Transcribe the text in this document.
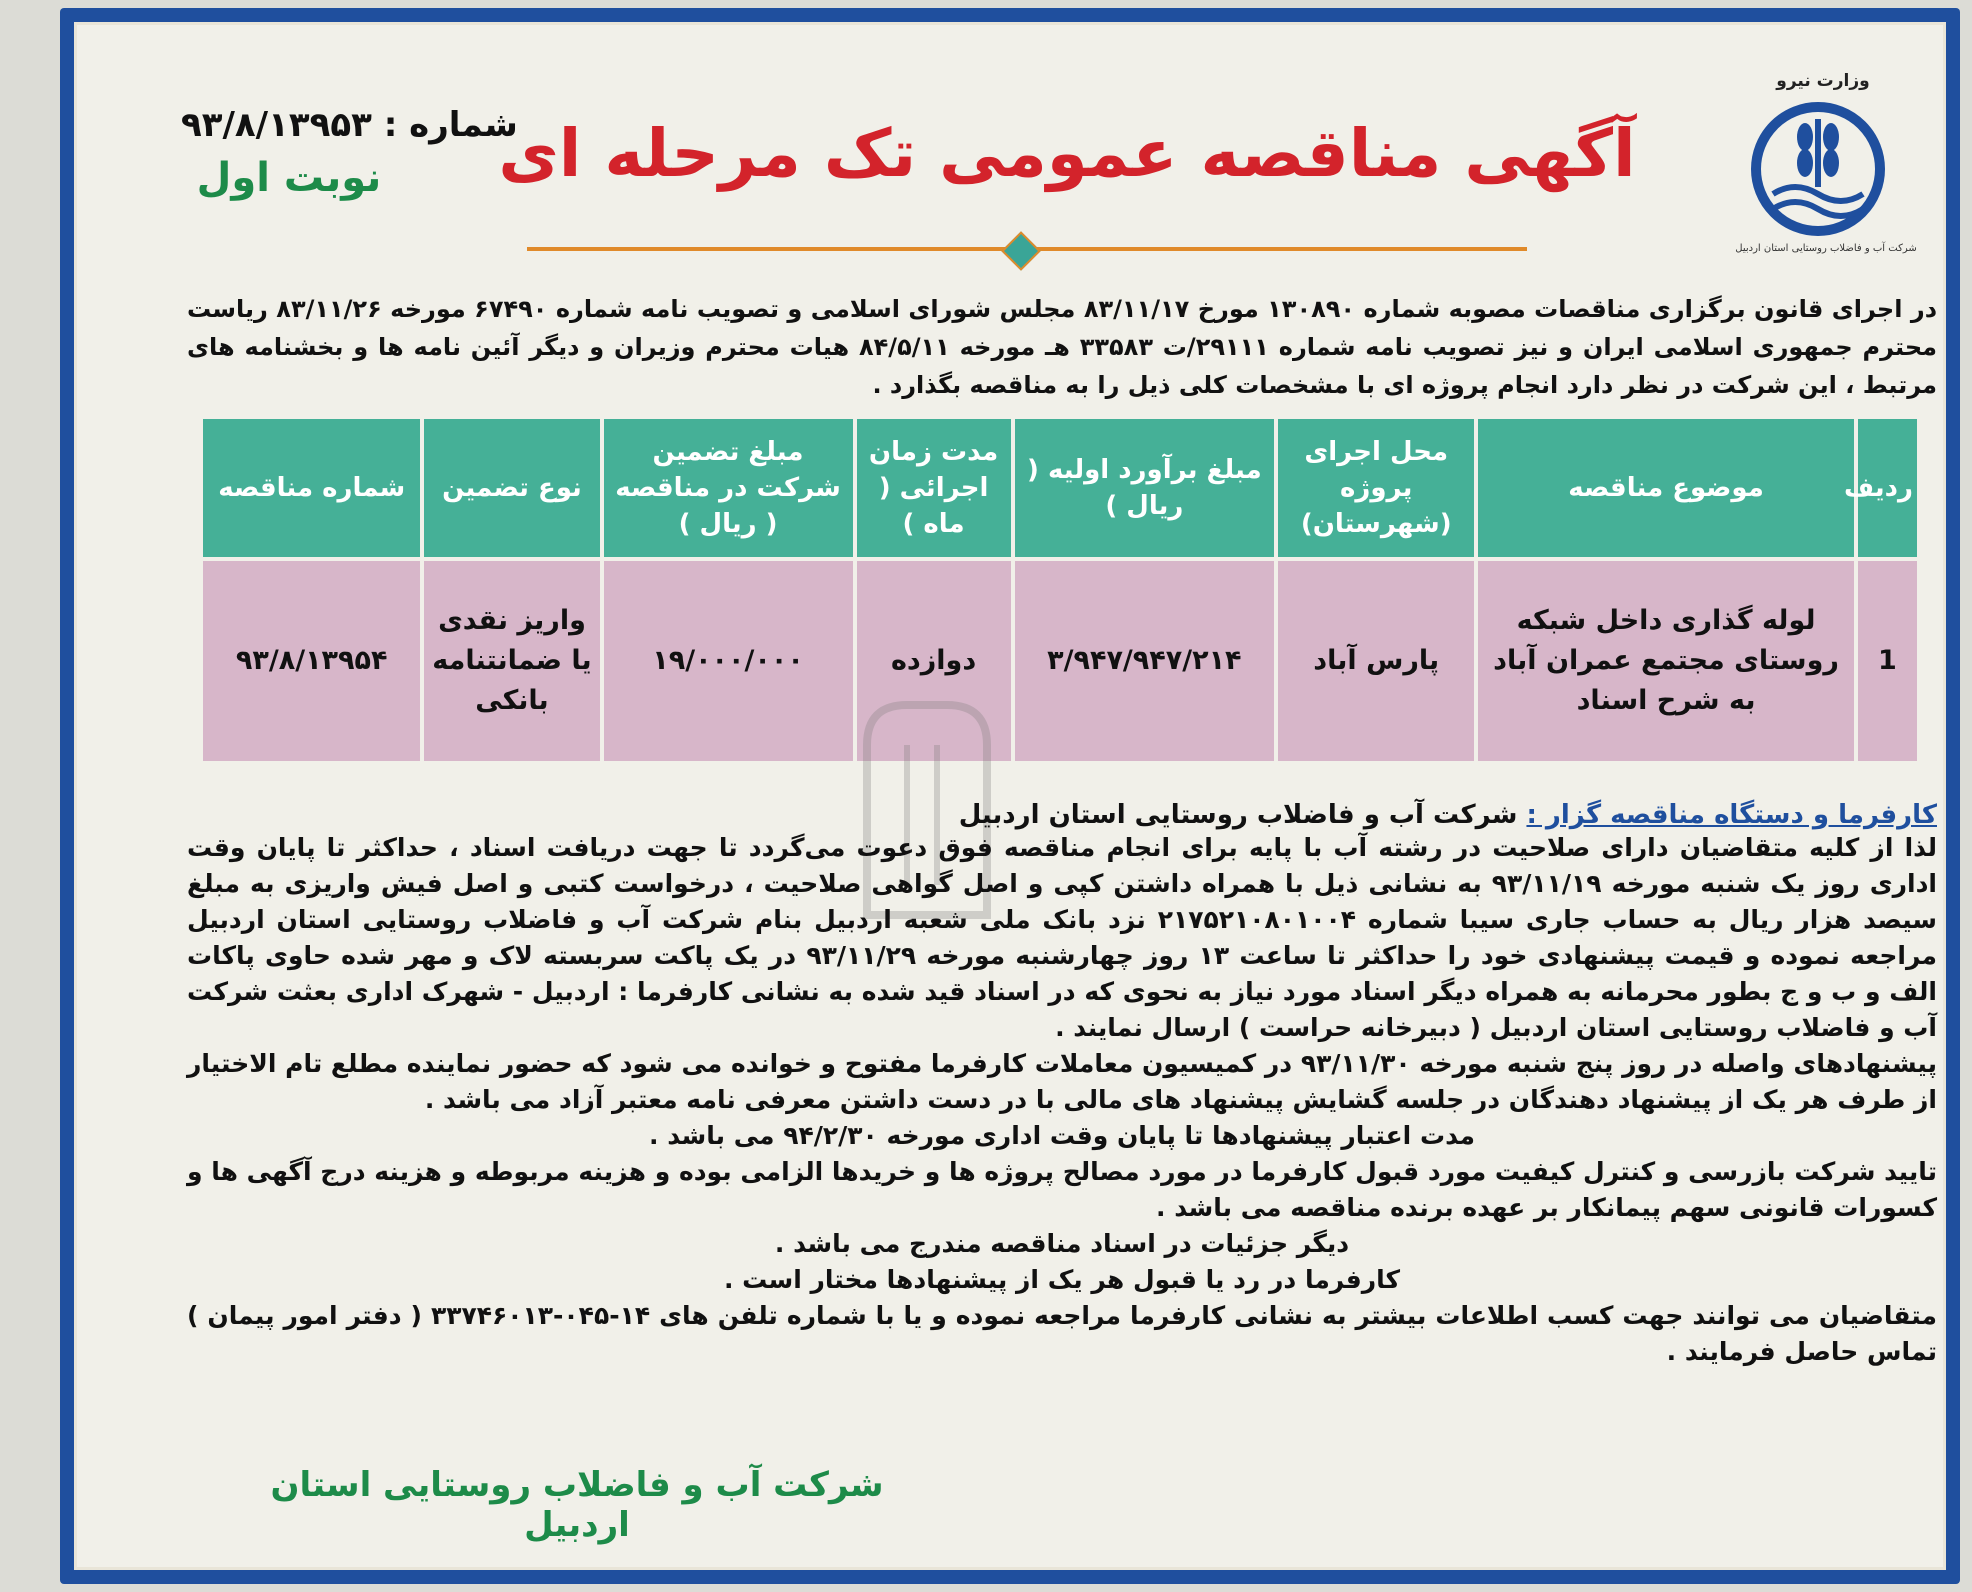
وزارت نیرو
شرکت آب و فاضلاب روستایی استان اردبیل
آگهی مناقصه عمومی تک مرحله ای
شماره : ۹۳/۸/۱۳۹۵۳
نوبت اول
در اجرای قانون برگزاری مناقصات مصوبه شماره ۱۳۰۸۹۰ مورخ ۸۳/۱۱/۱۷ مجلس شورای اسلامی و تصویب نامه شماره ۶۷۴۹۰ مورخه ۸۳/۱۱/۲۶ ریاست محترم جمهوری اسلامی ایران و نیز تصویب نامه شماره ۲۹۱۱۱/ت ۳۳۵۸۳ هـ مورخه ۸۴/۵/۱۱ هیات محترم وزیران و دیگر آئین نامه ها و بخشنامه های مرتبط ، این شرکت در نظر دارد انجام پروژه ای با مشخصات کلی ذیل را به مناقصه بگذارد .
ردیف	موضوع مناقصه	محل اجرای پروژه (شهرستان)	مبلغ برآورد اولیه ( ریال )	مدت زمان اجرائی ( ماه )	مبلغ تضمین شرکت در مناقصه ( ریال )	نوع تضمین	شماره مناقصه
1	لوله گذاری داخل شبکه روستای مجتمع عمران آباد به شرح اسناد	پارس آباد	۳/۹۴۷/۹۴۷/۲۱۴	دوازده	۱۹/۰۰۰/۰۰۰	واریز نقدی یا ضمانتنامه بانکی	۹۳/۸/۱۳۹۵۴
کارفرما و دستگاه مناقصه گزار : شرکت آب و فاضلاب روستایی استان اردبیل

لذا از کلیه متقاضیان دارای صلاحیت در رشته آب با پایه برای انجام مناقصه فوق دعوت می‌گردد تا جهت دریافت اسناد ، حداکثر تا پایان وقت اداری روز یک شنبه مورخه ۹۳/۱۱/۱۹ به نشانی ذیل با همراه داشتن کپی و اصل گواهی صلاحیت ، درخواست کتبی و اصل فیش واریزی به مبلغ سیصد هزار ریال به حساب جاری سیبا شماره ۲۱۷۵۲۱۰۸۰۱۰۰۴ نزد بانک ملی شعبه اردبیل بنام شرکت آب و فاضلاب روستایی استان اردبیل مراجعه نموده و قیمت پیشنهادی خود را حداکثر تا ساعت ۱۳ روز چهارشنبه مورخه ۹۳/۱۱/۲۹ در یک پاکت سربسته لاک و مهر شده حاوی پاکات الف و ب و ج بطور محرمانه به همراه دیگر اسناد مورد نیاز به نحوی که در اسناد قید شده به نشانی کارفرما : اردبیل - شهرک اداری بعثت شرکت آب و فاضلاب روستایی استان اردبیل ( دبیرخانه حراست ) ارسال نمایند .

پیشنهادهای واصله در روز پنج شنبه مورخه ۹۳/۱۱/۳۰ در کمیسیون معاملات کارفرما مفتوح و خوانده می شود که حضور نماینده مطلع تام الاختیار از طرف هر یک از پیشنهاد دهندگان در جلسه گشایش پیشنهاد های مالی با در دست داشتن معرفی نامه معتبر آزاد می باشد .

مدت اعتبار پیشنهادها تا پایان وقت اداری مورخه ۹۴/۲/۳۰ می باشد .

تایید شرکت بازرسی و کنترل کیفیت مورد قبول کارفرما در مورد مصالح پروژه ها و خریدها الزامی بوده و هزینه مربوطه و هزینه درج آگهی ها و کسورات قانونی سهم پیمانکار بر عهده برنده مناقصه می باشد .

دیگر جزئیات در اسناد مناقصه مندرج می باشد .

کارفرما در رد یا قبول هر یک از پیشنهادها مختار است .

متقاضیان می توانند جهت کسب اطلاعات بیشتر به نشانی کارفرما مراجعه نموده و یا با شماره تلفن های ۱۴-۰۴۵-۳۳۷۴۶۰۱۳ ( دفتر امور پیمان ) تماس حاصل فرمایند .

شرکت آب و فاضلاب روستایی استان اردبیل
